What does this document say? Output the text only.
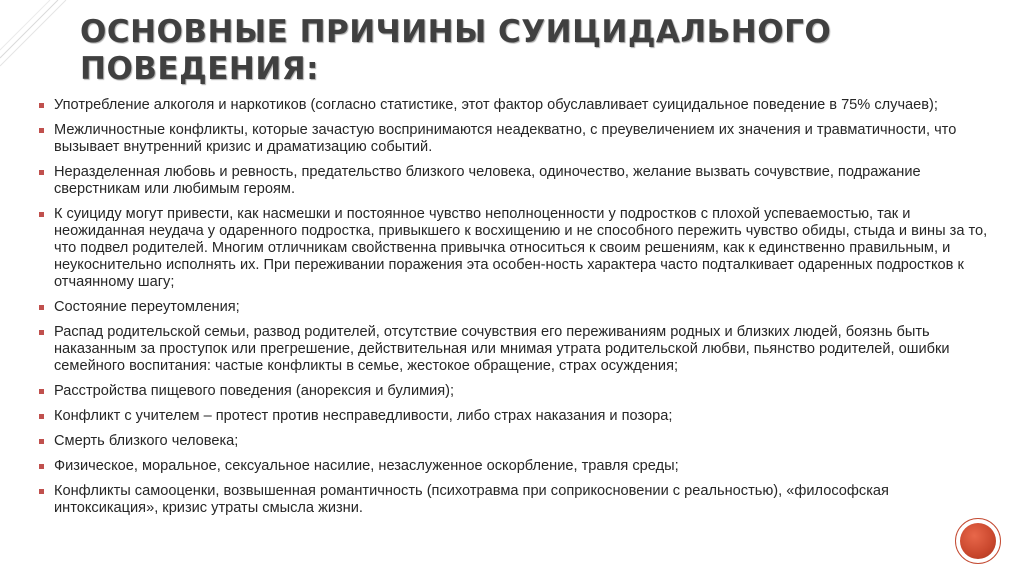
ОСНОВНЫЕ ПРИЧИНЫ СУИЦИДАЛЬНОГО ПОВЕДЕНИЯ:
Употребление алкоголя и наркотиков (согласно статистике, этот фактор обуславливает суицидальное поведение в 75% случаев);
Межличностные конфликты, которые зачастую воспринимаются неадекватно, с преувеличением их значения и травматичности, что вызывает внутренний кризис и драматизацию событий.
Неразделенная любовь и ревность, предательство близкого человека, одиночество, желание вызвать сочувствие, подражание сверстникам или любимым героям.
К суициду могут привести, как насмешки и постоянное чувство неполноценности у подростков с плохой успеваемостью, так и неожиданная неудача у одаренного подростка, привыкшего к восхищению и не способного пережить чувство обиды, стыда и вины за то, что подвел родителей. Многим отличникам свойственна привычка относиться к своим решениям, как к единственно правильным, и неукоснительно исполнять их. При переживании поражения эта особен-ность характера часто подталкивает одаренных подростков к отчаянному шагу;
Состояние переутомления;
Распад родительской семьи, развод родителей, отсутствие сочувствия его переживаниям родных и близких людей, боязнь быть наказанным за проступок или прегрешение, действительная или мнимая утрата родительской любви, пьянство родителей, ошибки семейного воспитания: частые конфликты в семье, жестокое обращение, страх осуждения;
Расстройства пищевого поведения (анорексия и булимия);
Конфликт с учителем – протест против несправедливости, либо страх наказания и позора;
Смерть близкого человека;
Физическое, моральное, сексуальное насилие, незаслуженное оскорбление, травля среды;
Конфликты самооценки, возвышенная романтичность (психотравма при соприкосновении с реальностью), «философская интоксикация», кризис утраты смысла жизни.
